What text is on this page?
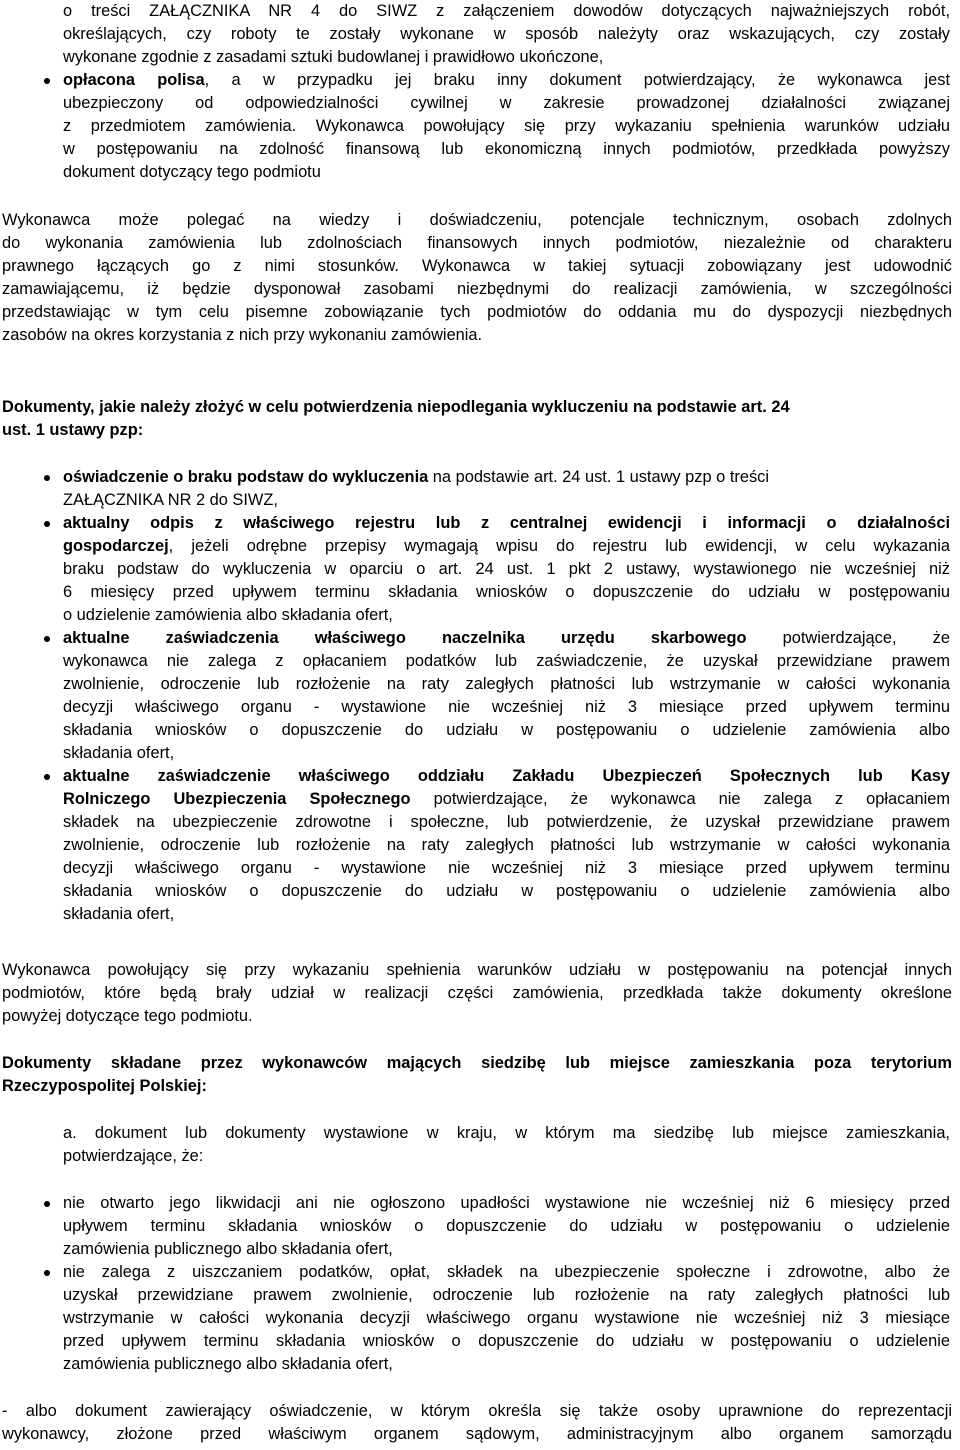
o treści ZAŁĄCZNIKA NR 4 do SIWZ z załączeniem dowodów dotyczących najważniejszych robót,
określających, czy roboty te zostały wykonane w sposób należyty oraz wskazujących, czy zostały
wykonane zgodnie z zasadami sztuki budowlanej i prawidłowo ukończone,
opłacona polisa, a w przypadku jej braku inny dokument potwierdzający, że wykonawca jest
ubezpieczony od odpowiedzialności cywilnej w zakresie prowadzonej działalności związanej
z przedmiotem zamówienia. Wykonawca powołujący się przy wykazaniu spełnienia warunków udziału
w postępowaniu na zdolność finansową lub ekonomiczną innych podmiotów, przedkłada powyższy
dokument dotyczący tego podmiotu
Wykonawca może polegać na wiedzy i doświadczeniu, potencjale technicznym, osobach zdolnych
do wykonania zamówienia lub zdolnościach finansowych innych podmiotów, niezależnie od charakteru
prawnego łączących go z nimi stosunków. Wykonawca w takiej sytuacji zobowiązany jest udowodnić
zamawiającemu, iż będzie dysponował zasobami niezbędnymi do realizacji zamówienia, w szczególności
przedstawiając w tym celu pisemne zobowiązanie tych podmiotów do oddania mu do dyspozycji niezbędnych
zasobów na okres korzystania z nich przy wykonaniu zamówienia.
Dokumenty, jakie należy złożyć w celu potwierdzenia niepodlegania wykluczeniu na podstawie art. 24
ust. 1 ustawy pzp:
oświadczenie o braku podstaw do wykluczenia na podstawie art. 24 ust. 1 ustawy pzp o treści
ZAŁĄCZNIKA NR 2 do SIWZ,
aktualny odpis z właściwego rejestru lub z centralnej ewidencji i informacji o działalności
gospodarczej, jeżeli odrębne przepisy wymagają wpisu do rejestru lub ewidencji, w celu wykazania
braku podstaw do wykluczenia w oparciu o art. 24 ust. 1 pkt 2 ustawy, wystawionego nie wcześniej niż
6 miesięcy przed upływem terminu składania wniosków o dopuszczenie do udziału w postępowaniu
o udzielenie zamówienia albo składania ofert,
aktualne zaświadczenia właściwego naczelnika urzędu skarbowego potwierdzające, że
wykonawca nie zalega z opłacaniem podatków lub zaświadczenie, że uzyskał przewidziane prawem
zwolnienie, odroczenie lub rozłożenie na raty zaległych płatności lub wstrzymanie w całości wykonania
decyzji właściwego organu - wystawione nie wcześniej niż 3 miesiące przed upływem terminu
składania wniosków o dopuszczenie do udziału w postępowaniu o udzielenie zamówienia albo
składania ofert,
aktualne zaświadczenie właściwego oddziału Zakładu Ubezpieczeń Społecznych lub Kasy
Rolniczego Ubezpieczenia Społecznego potwierdzające, że wykonawca nie zalega z opłacaniem
składek na ubezpieczenie zdrowotne i społeczne, lub potwierdzenie, że uzyskał przewidziane prawem
zwolnienie, odroczenie lub rozłożenie na raty zaległych płatności lub wstrzymanie w całości wykonania
decyzji właściwego organu - wystawione nie wcześniej niż 3 miesiące przed upływem terminu
składania wniosków o dopuszczenie do udziału w postępowaniu o udzielenie zamówienia albo
składania ofert,
Wykonawca powołujący się przy wykazaniu spełnienia warunków udziału w postępowaniu na potencjał innych
podmiotów, które będą brały udział w realizacji części zamówienia, przedkłada także dokumenty określone
powyżej dotyczące tego podmiotu.
Dokumenty składane przez wykonawców mających siedzibę lub miejsce zamieszkania poza terytorium
Rzeczypospolitej Polskiej:
a. dokument lub dokumenty wystawione w kraju, w którym ma siedzibę lub miejsce zamieszkania,
potwierdzające, że:
nie otwarto jego likwidacji ani nie ogłoszono upadłości wystawione nie wcześniej niż 6 miesięcy przed
upływem terminu składania wniosków o dopuszczenie do udziału w postępowaniu o udzielenie
zamówienia publicznego albo składania ofert,
nie zalega z uiszczaniem podatków, opłat, składek na ubezpieczenie społeczne i zdrowotne, albo że
uzyskał przewidziane prawem zwolnienie, odroczenie lub rozłożenie na raty zaległych płatności lub
wstrzymanie w całości wykonania decyzji właściwego organu wystawione nie wcześniej niż 3 miesiące
przed upływem terminu składania wniosków o dopuszczenie do udziału w postępowaniu o udzielenie
zamówienia publicznego albo składania ofert,
- albo dokument zawierający oświadczenie, w którym określa się także osoby uprawnione do reprezentacji
wykonawcy, złożone przed właściwym organem sądowym, administracyjnym albo organem samorządu
